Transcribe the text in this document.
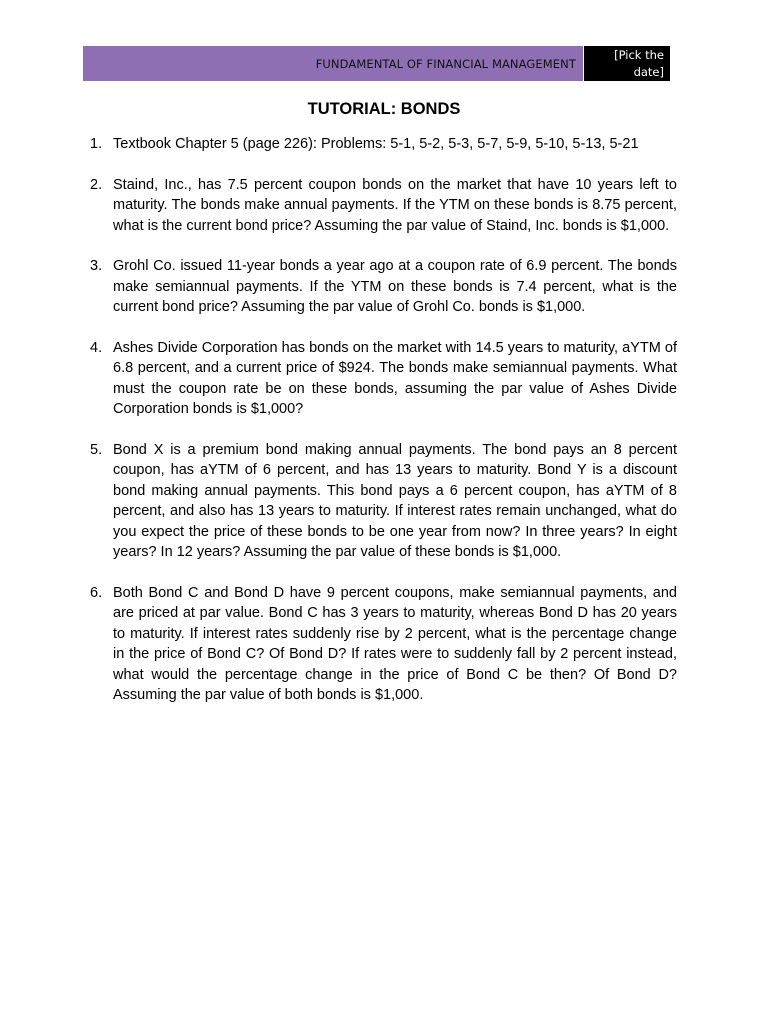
FUNDAMENTAL OF FINANCIAL MANAGEMENT
[Pick the
date]
TUTORIAL: BONDS
1. Textbook Chapter 5 (page 226): Problems: 5-1, 5-2, 5-3, 5-7, 5-9, 5-10, 5-13, 5-21
2. Staind, Inc., has 7.5 percent coupon bonds on the market that have 10 years left to maturity. The bonds make annual payments. If the YTM on these bonds is 8.75 percent, what is the current bond price? Assuming the par value of Staind, Inc. bonds is $1,000.
3. Grohl Co. issued 11-year bonds a year ago at a coupon rate of 6.9 percent. The bonds make semiannual payments. If the YTM on these bonds is 7.4 percent, what is the current bond price? Assuming the par value of Grohl Co. bonds is $1,000.
4. Ashes Divide Corporation has bonds on the market with 14.5 years to maturity, aYTM of 6.8 percent, and a current price of $924. The bonds make semiannual payments. What must the coupon rate be on these bonds, assuming the par value of Ashes Divide Corporation bonds is $1,000?
5. Bond X is a premium bond making annual payments. The bond pays an 8 percent coupon, has aYTM of 6 percent, and has 13 years to maturity. Bond Y is a discount bond making annual payments. This bond pays a 6 percent coupon, has aYTM of 8 percent, and also has 13 years to maturity. If interest rates remain unchanged, what do you expect the price of these bonds to be one year from now? In three years? In eight years? In 12 years? Assuming the par value of these bonds is $1,000.
6. Both Bond C and Bond D have 9 percent coupons, make semiannual payments, and are priced at par value. Bond C has 3 years to maturity, whereas Bond D has 20 years to maturity. If interest rates suddenly rise by 2 percent, what is the percentage change in the price of Bond C? Of Bond D? If rates were to suddenly fall by 2 percent instead, what would the percentage change in the price of Bond C be then? Of Bond D? Assuming the par value of both bonds is $1,000.
